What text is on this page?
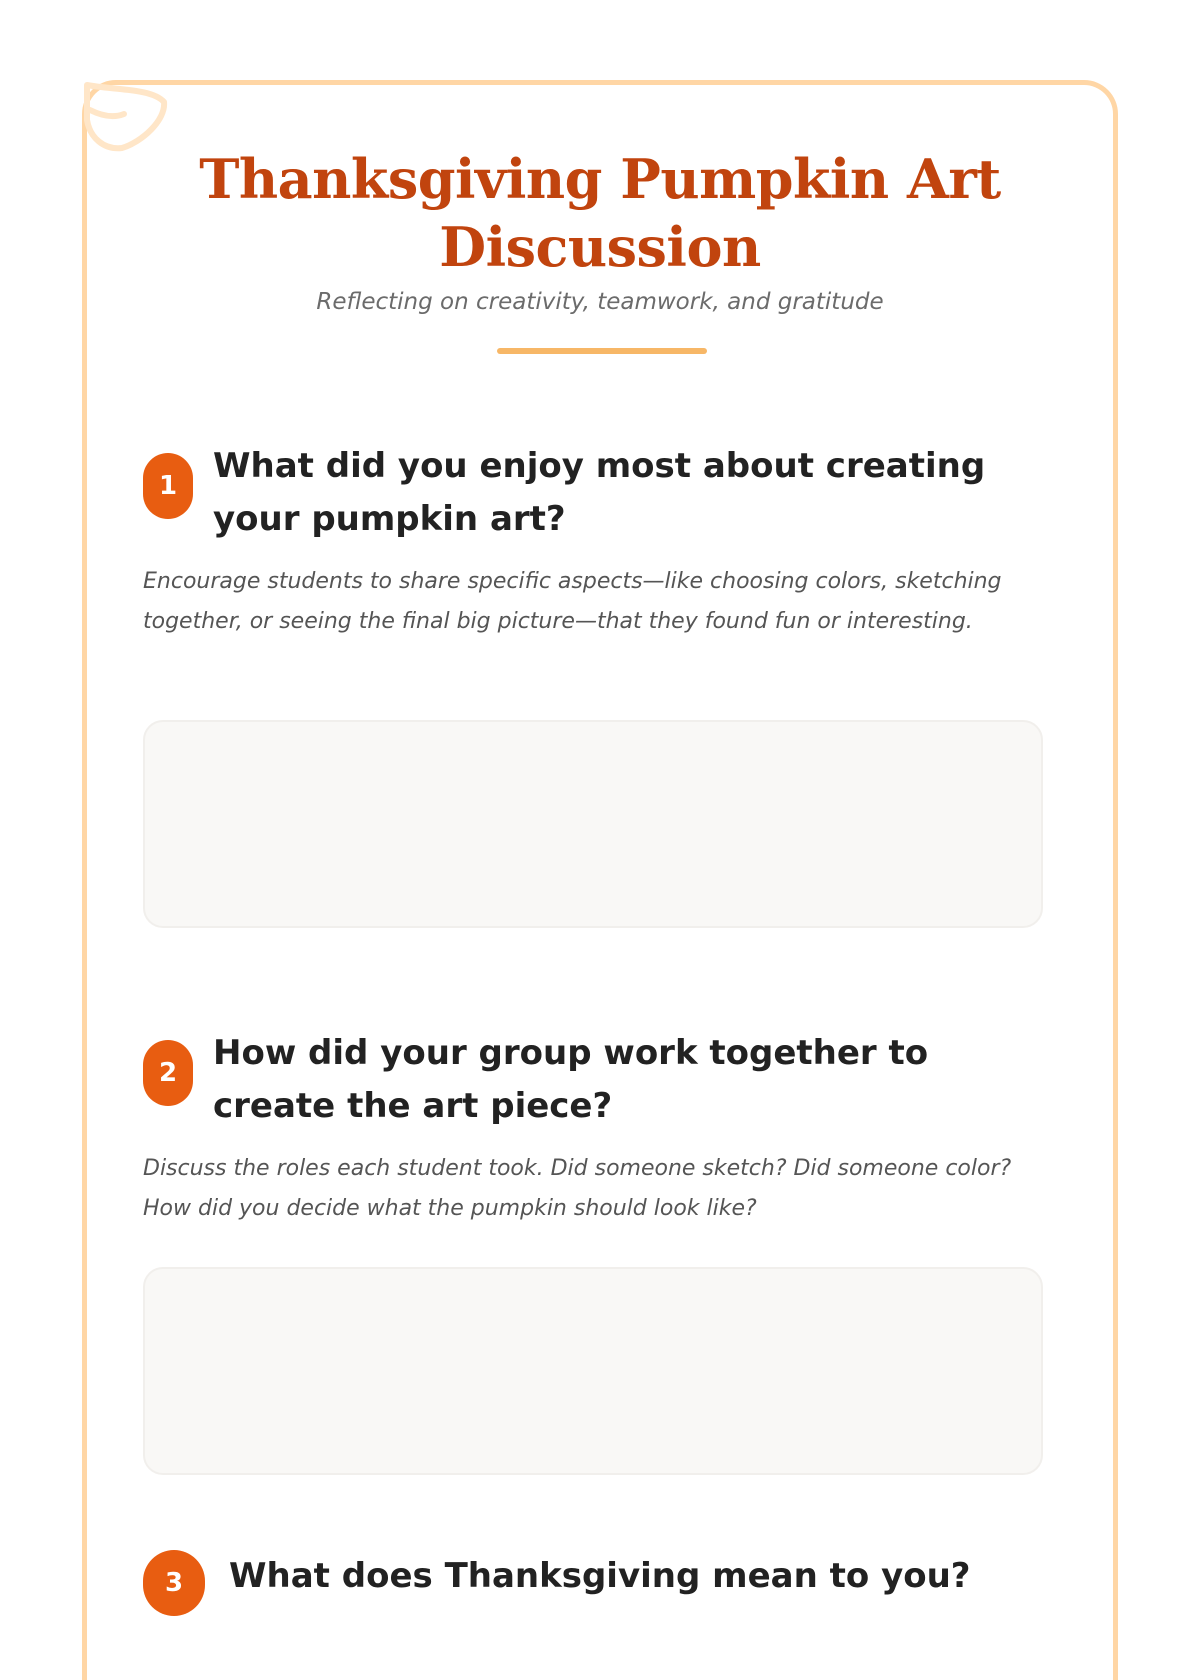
Thanksgiving Pumpkin Art
Discussion
Reflecting on creativity, teamwork, and gratitude
1	What did you enjoy most about creating your pumpkin art?

Encourage students to share specific aspects—like choosing colors, sketching together, or seeing the final big picture—that they found fun or interesting.

2	How did your group work together to create the art piece?

Discuss the roles each student took. Did someone sketch? Did someone color? How did you decide what the pumpkin should look like?

3	What does Thanksgiving mean to you?
